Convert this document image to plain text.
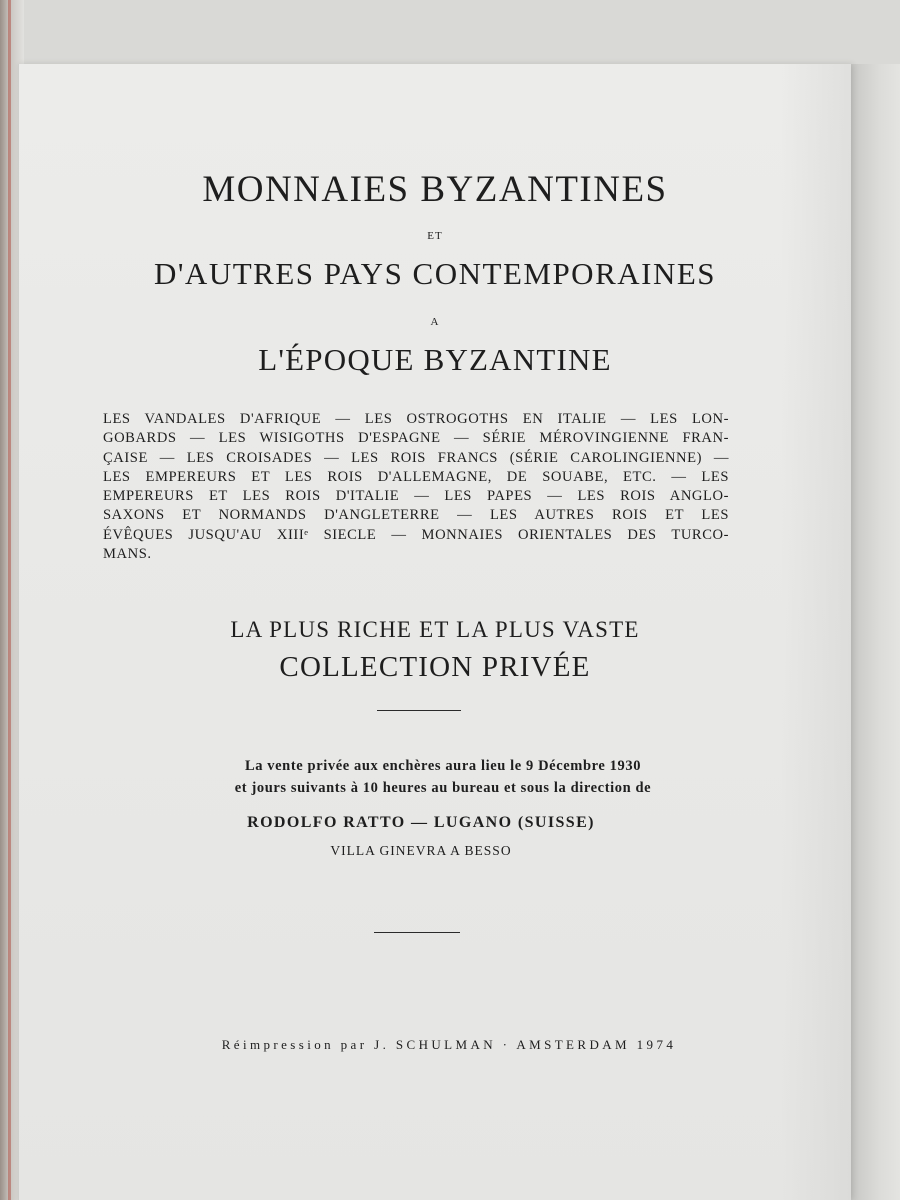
MONNAIES BYZANTINES
ET
D'AUTRES PAYS CONTEMPORAINES
A
L'ÉPOQUE BYZANTINE
LES VANDALES D'AFRIQUE — LES OSTROGOTHS EN ITALIE — LES LON-
GOBARDS — LES WISIGOTHS D'ESPAGNE — SÉRIE MÉROVINGIENNE FRAN-
ÇAISE — LES CROISADES — LES ROIS FRANCS (SÉRIE CAROLINGIENNE) —
LES EMPEREURS ET LES ROIS D'ALLEMAGNE, DE SOUABE, ETC. — LES
EMPEREURS ET LES ROIS D'ITALIE — LES PAPES — LES ROIS ANGLO-
SAXONS ET NORMANDS D'ANGLETERRE — LES AUTRES ROIS ET LES
ÉVÊQUES JUSQU'AU XIIIᵉ SIECLE — MONNAIES ORIENTALES DES TURCO-
MANS.
LA PLUS RICHE ET LA PLUS VASTE
COLLECTION PRIVÉE
La vente privée aux enchères aura lieu le 9 Décembre 1930
et jours suivants à 10 heures au bureau et sous la direction de
RODOLFO RATTO — LUGANO (SUISSE)
VILLA GINEVRA A BESSO
Réimpression par J. SCHULMAN · AMSTERDAM 1974
